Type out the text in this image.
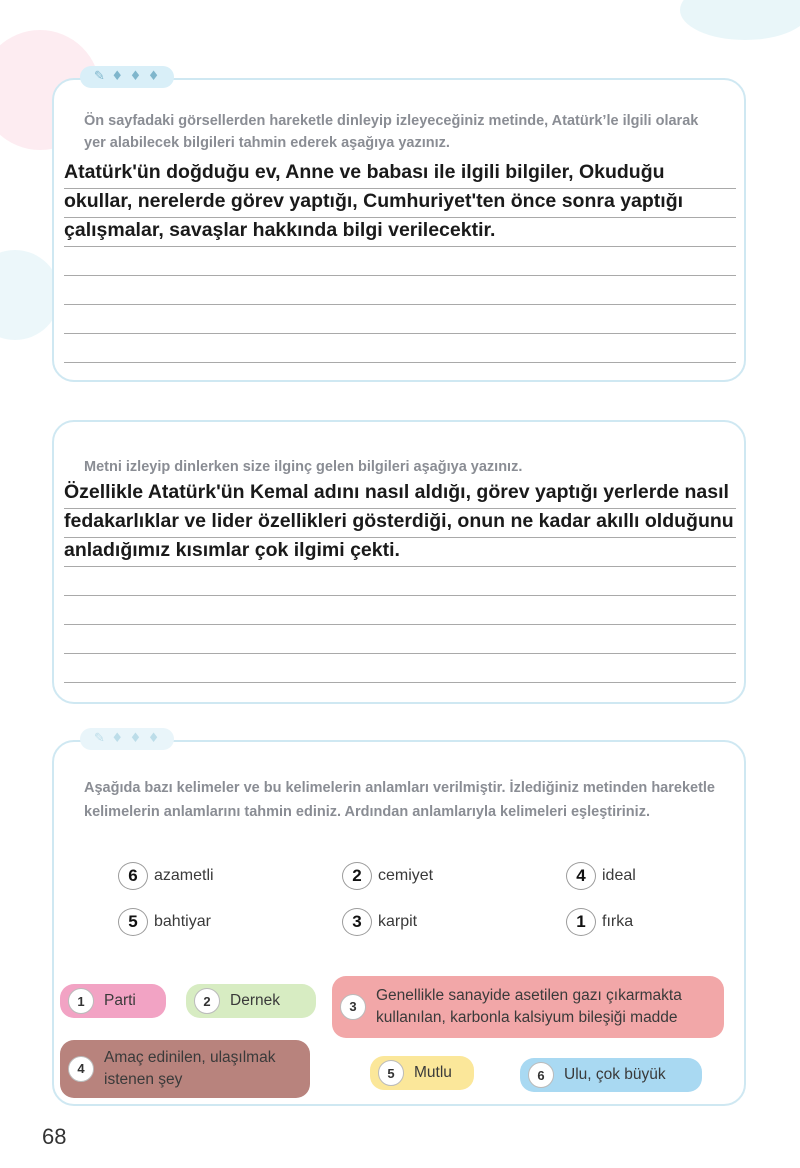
✎ ♦ ♦ ♦
Ön sayfadaki görsellerden hareketle dinleyip izleyeceğiniz metinde, Atatürk’le ilgili olarak yer alabilecek bilgileri tahmin ederek aşağıya yazınız.
Atatürk'ün doğduğu ev, Anne ve babası ile ilgili bilgiler, Okuduğu okullar, nerelerde görev yaptığı, Cumhuriyet'ten önce sonra yaptığı çalışmalar, savaşlar hakkında bilgi verilecektir.
Metni izleyip dinlerken size ilginç gelen bilgileri aşağıya yazınız.
Özellikle Atatürk'ün Kemal adını nasıl aldığı, görev yaptığı yerlerde nasıl fedakarlıklar ve lider özellikleri gösterdiği, onun ne kadar akıllı olduğunu anladığımız kısımlar çok ilgimi çekti.
✎ ♦ ♦ ♦
Aşağıda bazı kelimeler ve bu kelimelerin anlamları verilmiştir. İzlediğiniz metinden hareketle kelimelerin anlamlarını tahmin ediniz. Ardından anlamlarıyla kelimeleri eşleştiriniz.
6	azametli	2	cemiyet	4	ideal
5	bahtiyar	3	karpit	1	fırka
1	Parti	2	Dernek	3
Genellikle sanayide asetilen gazı çıkarmakta kullanılan, karbonla kalsiyum bileşiği madde
4
Amaç edinilen, ulaşılmak istenen şey	5	Mutlu	6	Ulu, çok büyük
68
